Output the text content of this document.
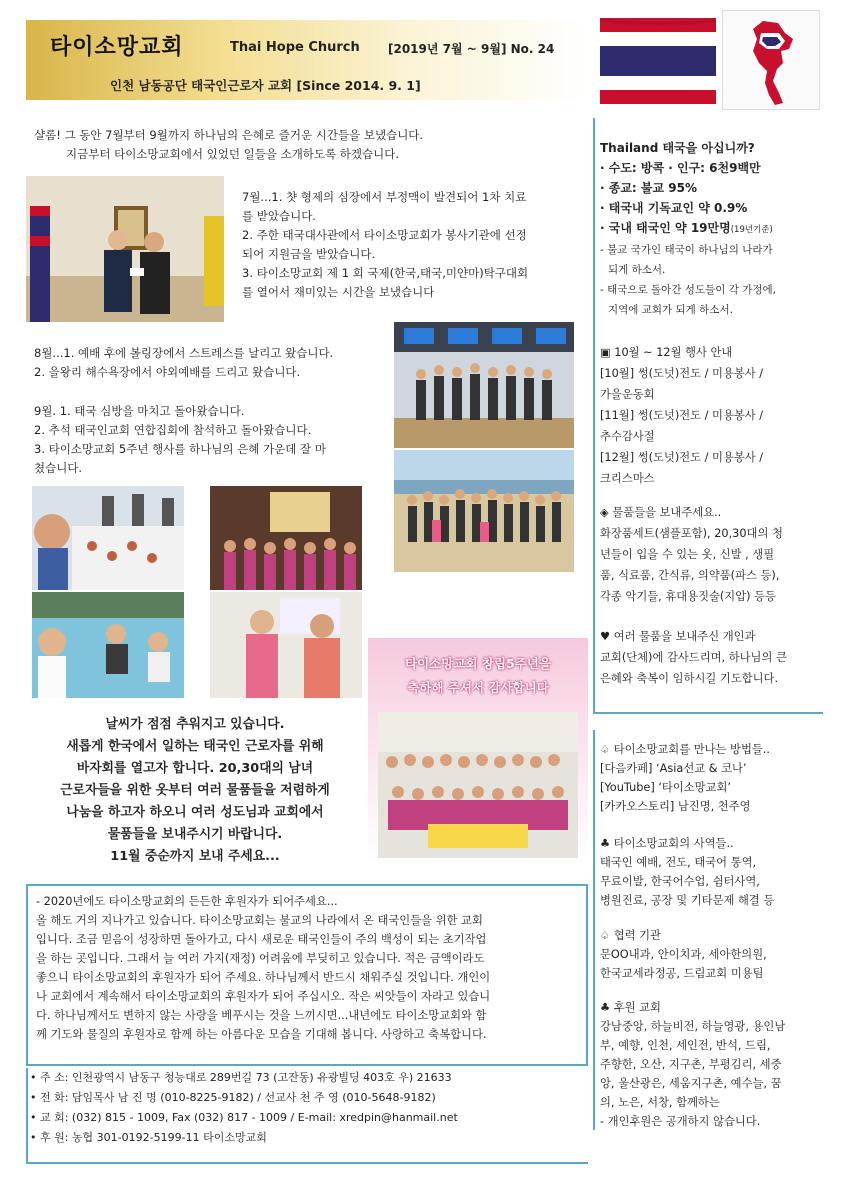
타이소망교회	Thai Hope Church [2019년 7월 ~ 9월] No. 24
인천 남동공단 태국인근로자 교회 [Since 2014. 9. 1]

샬롬! 그 동안 7월부터 9월까지 하나님의 은혜로 즐거운 시간들을 보냈습니다.

지금부터 타이소망교회에서 있었던 일들을 소개하도록 하겠습니다.

7월...1. 챳 형제의 심장에서 부정맥이 발견되어 1차 치료

를 받았습니다.

2. 주한 태국대사관에서 타이소망교회가 봉사기관에 선정

되어 지원금을 받았습니다.

3. 타이소망교회 제 1 회 국제(한국,태국,미얀마)탁구대회

를 열어서 재미있는 시간을 보냈습니다

8월...1. 예배 후에 볼링장에서 스트레스를 날리고 왔습니다.

2. 을왕리 해수욕장에서 야외예배를 드리고 왔습니다.

9월. 1. 태국 심방을 마치고 돌아왔습니다.

2. 추석 태국인교회 연합집회에 참석하고 돌아왔습니다.

3. 타이소망교회 5주년 행사를 하나님의 은혜 가운데 잘 마

쳤습니다.

날씨가 점점 추워지고 있습니다.

새롭게 한국에서 일하는 태국인 근로자를 위해

바자회를 열고자 합니다. 20,30대의 남녀

근로자들을 위한 옷부터 여러 물품들을 저렴하게

나눔을 하고자 하오니 여러 성도님과 교회에서

물품들을 보내주시기 바랍니다.

11월 중순까지 보내 주세요...

타이소망교회 창립5주년을

축하해 주셔서 감사합니다

- 2020년에도 타이소망교회의 든든한 후원자가 되어주세요...

올 해도 거의 지나가고 있습니다. 타이소망교회는 불교의 나라에서 온 태국인들을 위한 교회

입니다. 조금 믿음이 성장하면 돌아가고, 다시 새로운 태국인들이 주의 백성이 되는 초기작업

을 하는 곳입니다. 그래서 늘 여러 가지(재정) 어려움에 부딪히고 있습니다. 적은 금액이라도

좋으니 타이소망교회의 후원자가 되어 주세요. 하나님께서 반드시 채워주실 것입니다. 개인이

나 교회에서 계속해서 타이소망교회의 후원자가 되어 주십시오. 작은 씨앗들이 자라고 있습니

다. 하나님께서도 변하지 않는 사랑을 베푸시는 것을 느끼시면...내년에도 타이소망교회와 함

께 기도와 물질의 후원자로 함께 하는 아름다운 모습을 기대해 봅니다. 사랑하고 축복합니다.

• 주 소: 인천광역시 남동구 청능대로 289번길 73 (고잔동) 유광빌딩 403호 우) 21633

• 전 화: 담임목사 남 진 명 (010-8225-9182) / 선교사 천 주 영 (010-5648-9182)

• 교 회: (032) 815 - 1009, Fax (032) 817 - 1009 / E-mail: xredpin@hanmail.net

• 후 원: 농협 301-0192-5199-11 타이소망교회

Thailand 태국을 아십니까?

· 수도: 방콕 · 인구: 6천9백만

· 종교: 불교 95%

· 태국내 기독교인 약 0.9%

· 국내 태국인 약 19만명(19년기준)

- 불교 국가인 태국이 하나님의 나라가

되게 하소서.

- 태국으로 돌아간 성도들이 각 가정에,

지역에 교회가 되게 하소서.

▣ 10월 ~ 12월 행사 안내

[10월] 썽(도넛)전도 / 미용봉사 /

가을운동회

[11월] 썽(도넛)전도 / 미용봉사 /

추수감사절

[12월] 썽(도넛)전도 / 미용봉사 /

크리스마스

◈ 물품들을 보내주세요..

화장품세트(샘플포함), 20,30대의 청

년들이 입을 수 있는 옷, 신발 , 생필

품, 식료품, 간식류, 의약품(파스 등),

각종 악기들, 휴대용짓술(지압) 등등

♥ 여러 물품을 보내주신 개인과

교회(단체)에 감사드리며, 하나님의 큰

은혜와 축복이 임하시길 기도합니다.

♤ 타이소망교회를 만나는 방법들..

[다음카페] ‘Asia선교 & 코나’

[YouTube] ‘타이소망교회’

[카카오스토리] 남진명, 천주영

♣ 타이소망교회의 사역들..

태국인 예배, 전도, 태국어 통역,

무료이발, 한국어수업, 쉼터사역,

병원진료, 공장 및 기타문제 해결 등

♤ 협력 기관

문OO내과, 안이치과, 세아한의원,

한국교세라정공, 드림교회 미용팀

♣ 후원 교회

강남중앙, 하늘비전, 하늘영광, 용인남

부, 예향, 인천, 세인전, 반석, 드림,

주향한, 오산, 지구촌, 부평김리, 세중

앙, 울산광은, 세움지구촌, 예수늘, 꿈

의, 노은, 서창, 함께하는

- 개인후원은 공개하지 않습니다.
